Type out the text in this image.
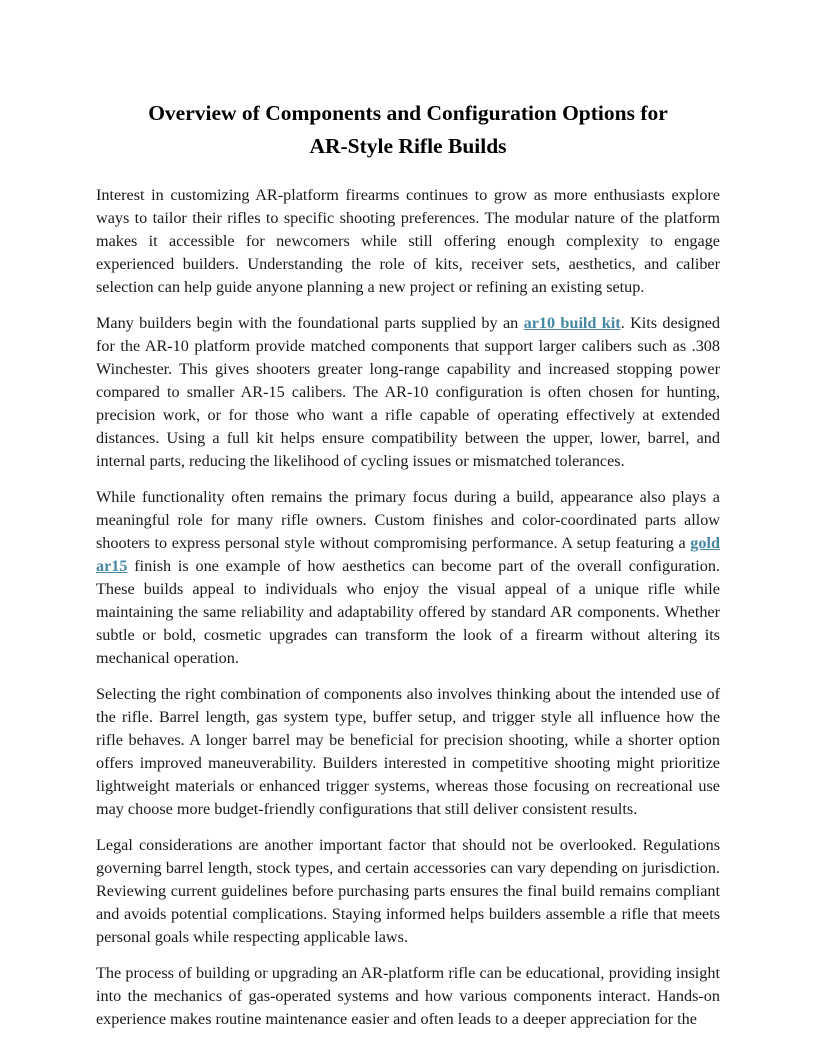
Overview of Components and Configuration Options for
AR-Style Rifle Builds

Interest in customizing AR-platform firearms continues to grow as more enthusiasts explore ways to tailor their rifles to specific shooting preferences. The modular nature of the platform makes it accessible for newcomers while still offering enough complexity to engage experienced builders. Understanding the role of kits, receiver sets, aesthetics, and caliber selection can help guide anyone planning a new project or refining an existing setup.

Many builders begin with the foundational parts supplied by an ar10 build kit. Kits designed for the AR-10 platform provide matched components that support larger calibers such as .308 Winchester. This gives shooters greater long-range capability and increased stopping power compared to smaller AR-15 calibers. The AR-10 configuration is often chosen for hunting, precision work, or for those who want a rifle capable of operating effectively at extended distances. Using a full kit helps ensure compatibility between the upper, lower, barrel, and internal parts, reducing the likelihood of cycling issues or mismatched tolerances.

While functionality often remains the primary focus during a build, appearance also plays a meaningful role for many rifle owners. Custom finishes and color-coordinated parts allow shooters to express personal style without compromising performance. A setup featuring a gold ar15 finish is one example of how aesthetics can become part of the overall configuration. These builds appeal to individuals who enjoy the visual appeal of a unique rifle while maintaining the same reliability and adaptability offered by standard AR components. Whether subtle or bold, cosmetic upgrades can transform the look of a firearm without altering its mechanical operation.

Selecting the right combination of components also involves thinking about the intended use of the rifle. Barrel length, gas system type, buffer setup, and trigger style all influence how the rifle behaves. A longer barrel may be beneficial for precision shooting, while a shorter option offers improved maneuverability. Builders interested in competitive shooting might prioritize lightweight materials or enhanced trigger systems, whereas those focusing on recreational use may choose more budget-friendly configurations that still deliver consistent results.

Legal considerations are another important factor that should not be overlooked. Regulations governing barrel length, stock types, and certain accessories can vary depending on jurisdiction. Reviewing current guidelines before purchasing parts ensures the final build remains compliant and avoids potential complications. Staying informed helps builders assemble a rifle that meets personal goals while respecting applicable laws.

The process of building or upgrading an AR-platform rifle can be educational, providing insight into the mechanics of gas-operated systems and how various components interact. Hands-on experience makes routine maintenance easier and often leads to a deeper appreciation for the
